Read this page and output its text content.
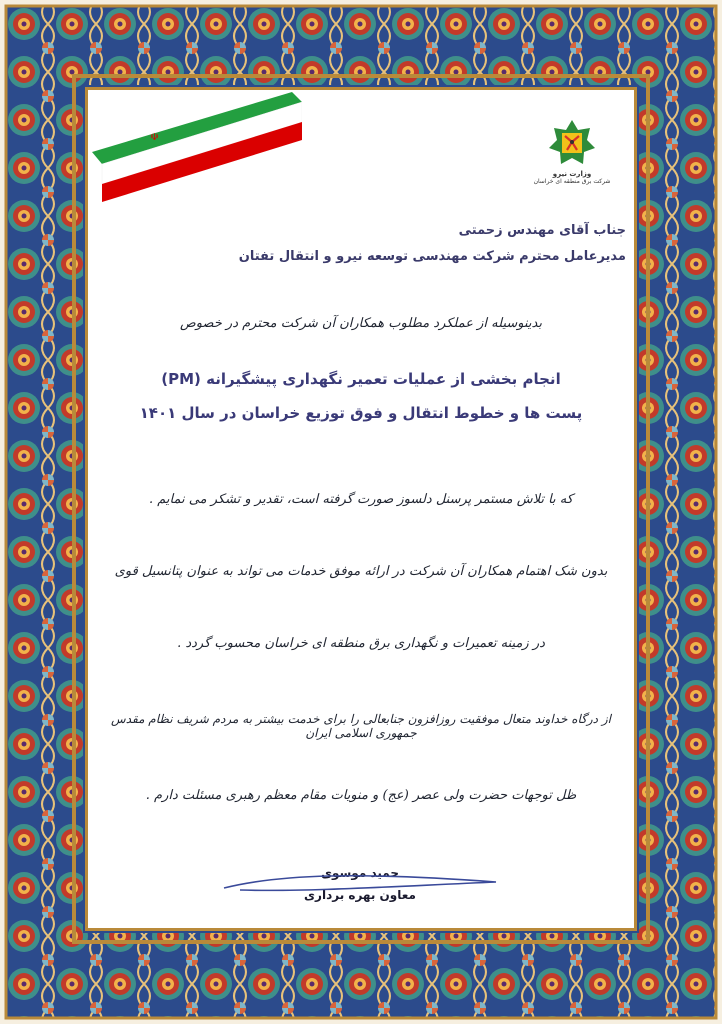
☫
وزارت نیرو
شرکت برق منطقه ای خراسان
جناب آقای مهندس زحمتی
مدیرعامل محترم شرکت مهندسی توسعه نیرو و انتقال تفتان
بدینوسیله از عملکرد مطلوب همکاران آن شرکت محترم در خصوص
انجام بخشی از عملیات تعمیر نگهداری پیشگیرانه (PM)
پست ها و خطوط انتقال و فوق توزیع خراسان در سال ۱۴۰۱
که با تلاش مستمر پرسنل دلسوز صورت گرفته است، تقدیر و تشکر می نمایم .
بدون شک اهتمام همکاران آن شرکت در ارائه موفق خدمات می تواند به عنوان پتانسیل قوی
در زمینه تعمیرات و نگهداری برق منطقه ای خراسان محسوب گردد .
از درگاه خداوند متعال موفقیت روزافزون جنابعالی را برای خدمت بیشتر به مردم شریف نظام مقدس جمهوری اسلامی ایران
ظل توجهات حضرت ولی عصر (عج) و منویات مقام معظم رهبری مسئلت دارم .
حمید موسوی
معاون بهره برداری
